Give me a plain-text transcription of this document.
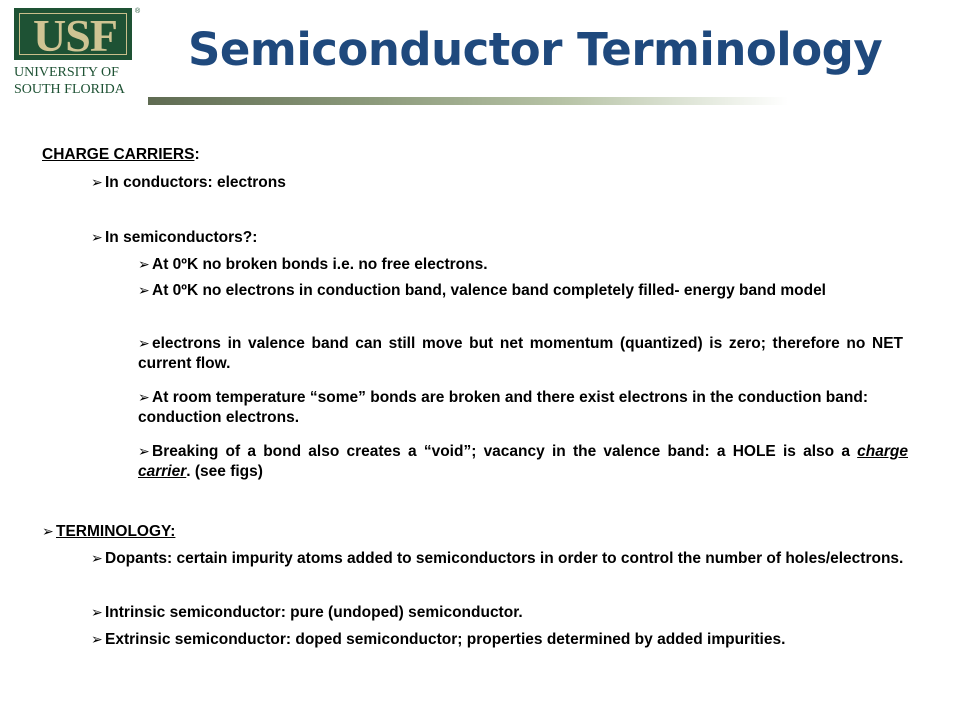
USF	®
UNIVERSITY OF
SOUTH FLORIDA
Semiconductor Terminology
CHARGE CARRIERS:
➢ In conductors: electrons
➢ In semiconductors?:
➢ At 0ºK no broken bonds i.e. no free electrons.
➢ At 0ºK no electrons in conduction band, valence band completely filled- energy band model
➢ electrons in valence band can still move but net momentum (quantized) is zero; therefore no NET current flow.
➢ At room temperature “some” bonds are broken and there exist electrons in the conduction band: conduction electrons.
➢ Breaking of a bond also creates a “void”; vacancy in the valence band: a HOLE is also a charge carrier. (see figs)
➢ TERMINOLOGY:
➢ Dopants: certain impurity atoms added to semiconductors in order to control the number of holes/electrons.
➢ Intrinsic semiconductor: pure (undoped) semiconductor.
➢ Extrinsic semiconductor: doped semiconductor; properties determined by added impurities.
